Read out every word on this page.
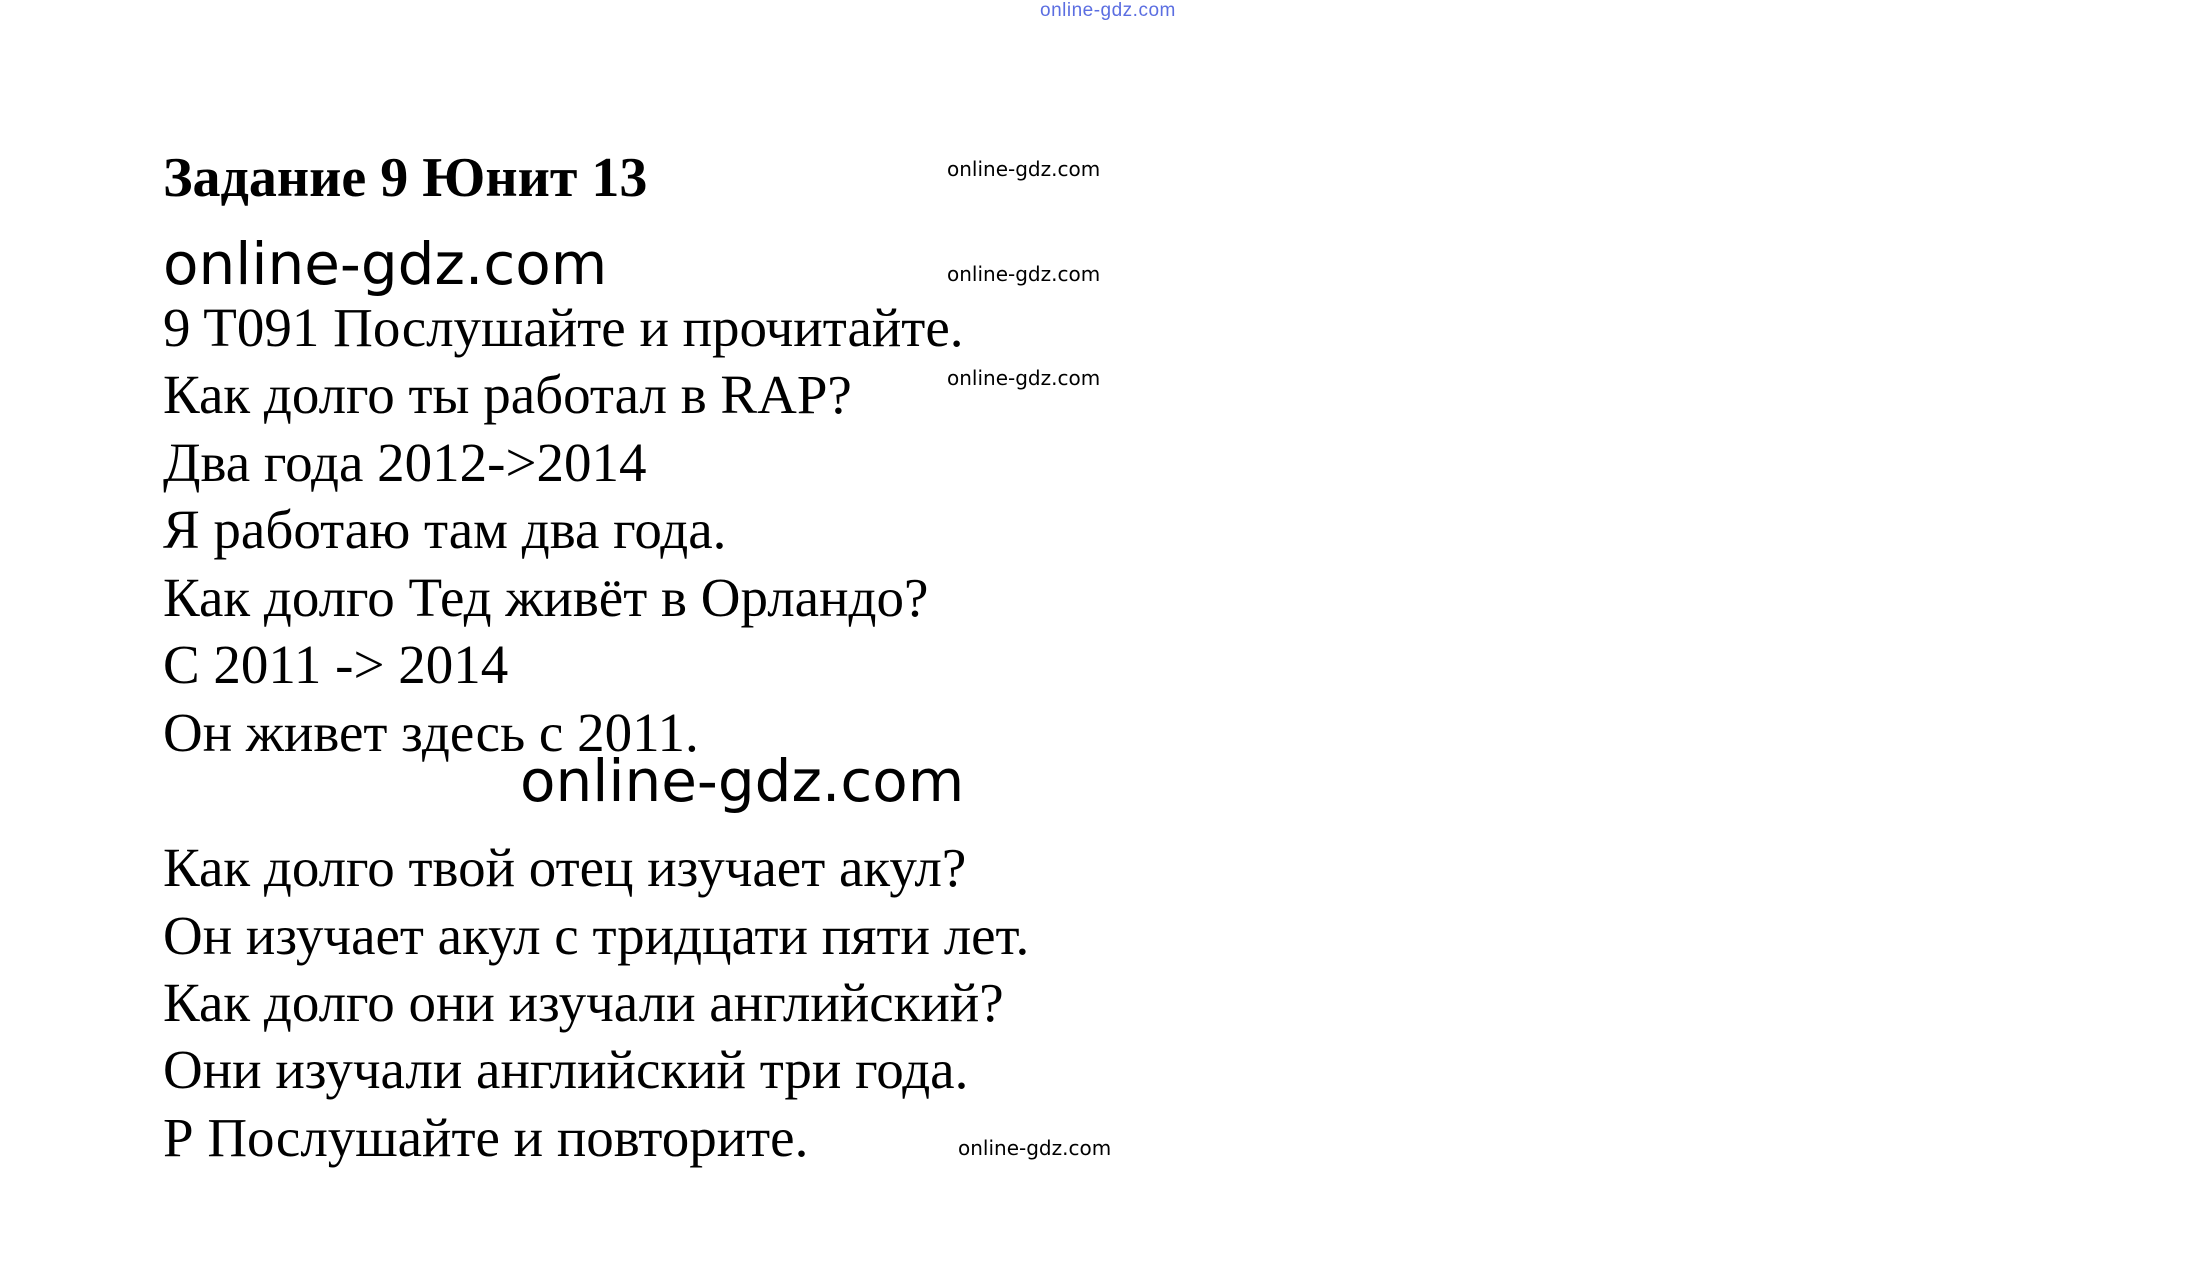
online-gdz.com
Задание 9 Юнит 13	online-gdz.com
online-gdz.com	online-gdz.com
9 T091 Послушайте и прочитайте.
Как долго ты работал в RAP?	online-gdz.com
Два года 2012->2014
Я работаю там два года.
Как долго Тед живёт в Орландо?
С 2011 -> 2014
Он живет здесь с 2011.
online-gdz.com
Как долго твой отец изучает акул?
Он изучает акул с тридцати пяти лет.
Как долго они изучали английский?
Они изучали английский три года.
Р Послушайте и повторите.	online-gdz.com
